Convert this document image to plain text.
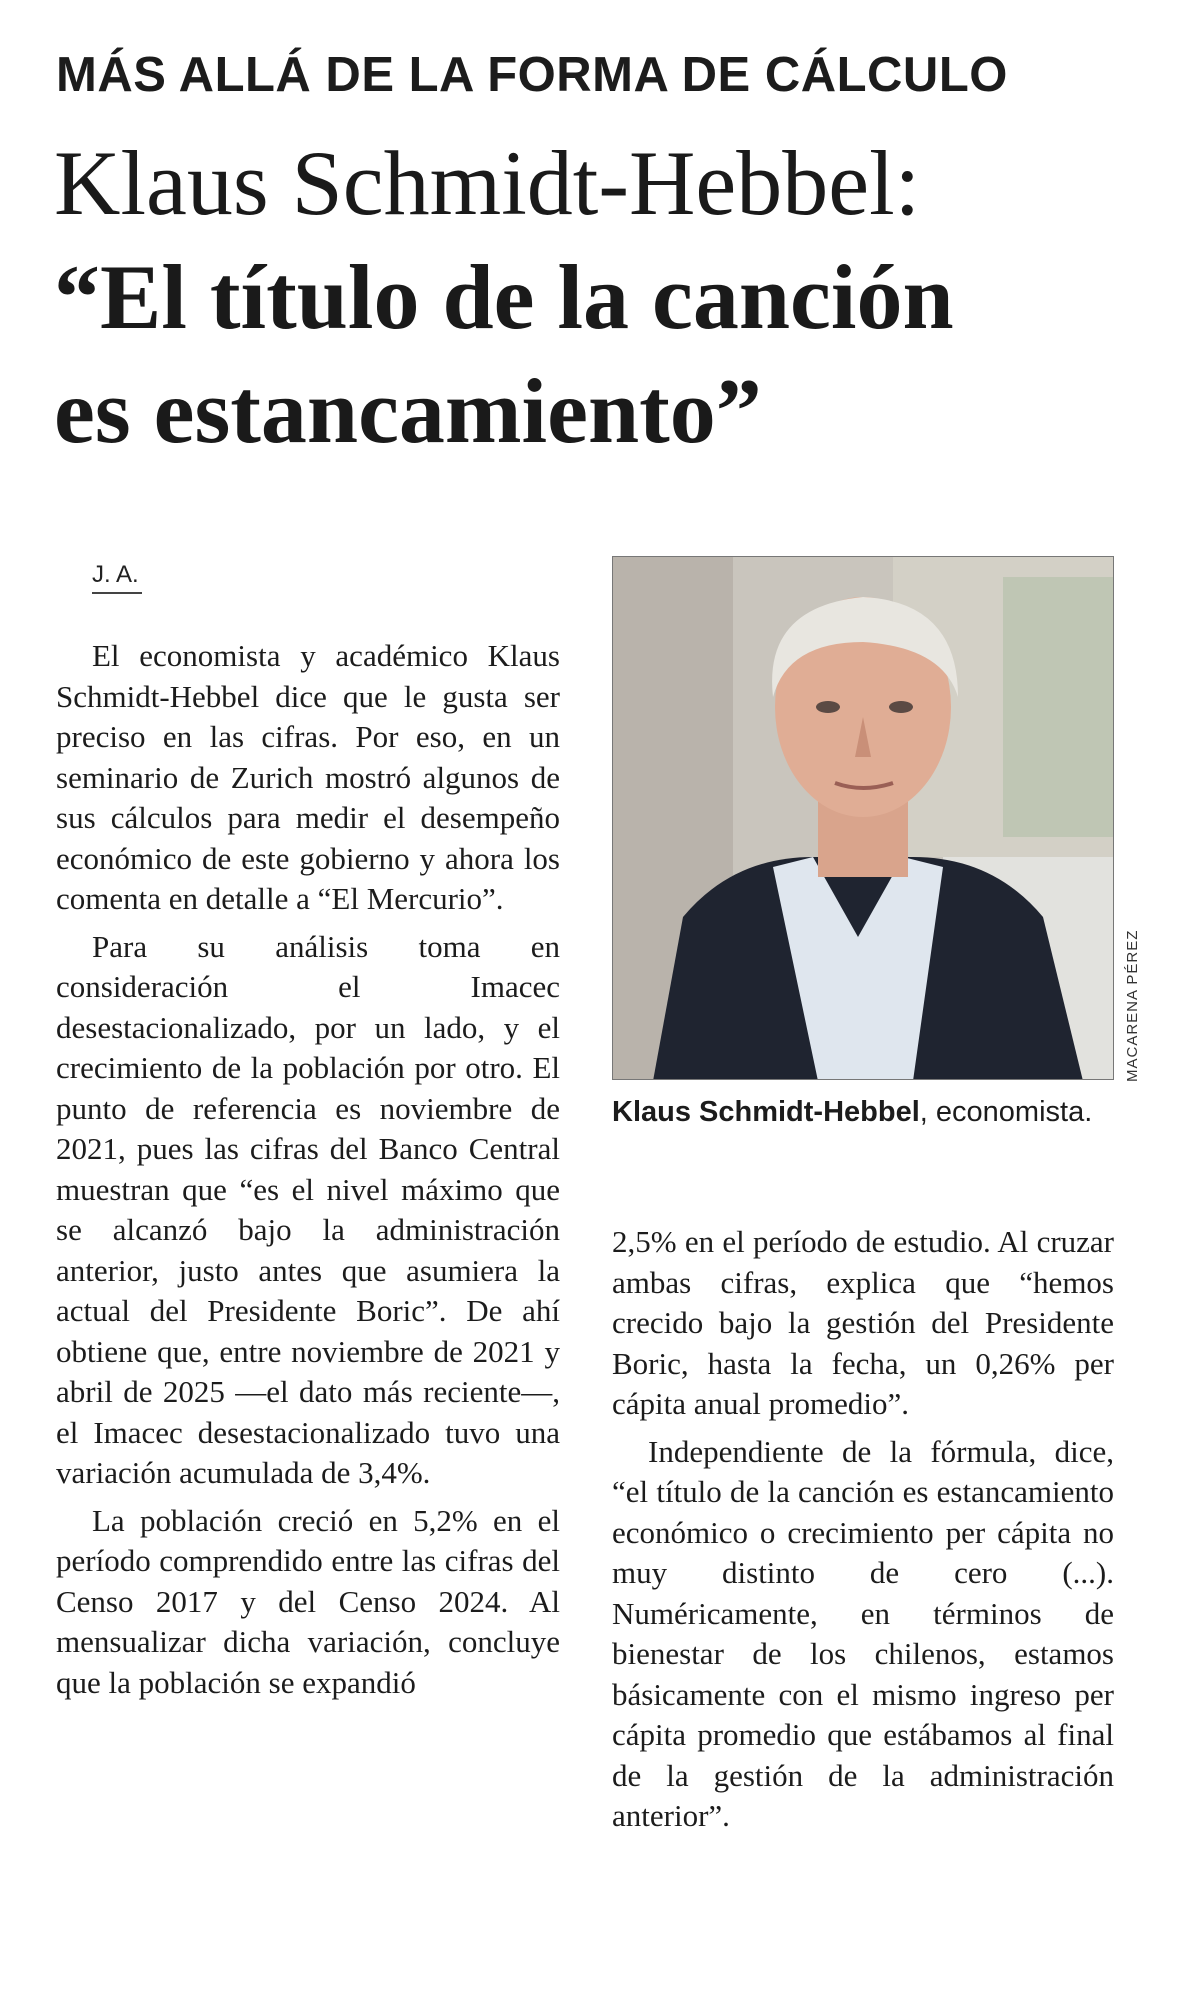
MÁS ALLÁ DE LA FORMA DE CÁLCULO
Klaus Schmidt-Hebbel:
“El título de la canción
es estancamiento”
J. A.

El economista y académico Klaus Schmidt-Hebbel dice que le gusta ser preciso en las cifras. Por eso, en un seminario de Zurich mostró algunos de sus cálculos para medir el desempeño económico de este gobierno y ahora los comenta en detalle a “El Mercurio”.

Para su análisis toma en consideración el Imacec desestacionalizado, por un lado, y el crecimiento de la población por otro. El punto de referencia es noviembre de 2021, pues las cifras del Banco Central muestran que “es el nivel máximo que se alcanzó bajo la administración anterior, justo antes que asumiera la actual del Presidente Boric”. De ahí obtiene que, entre noviembre de 2021 y abril de 2025 —el dato más reciente—, el Imacec desestacionalizado tuvo una variación acumulada de 3,4%.

La población creció en 5,2% en el período comprendido entre las cifras del Censo 2017 y del Censo 2024. Al mensualizar dicha variación, concluye que la población se expandió

MACARENA PÉREZ
Klaus Schmidt-Hebbel, economista.

2,5% en el período de estudio. Al cruzar ambas cifras, explica que “hemos crecido bajo la gestión del Presidente Boric, hasta la fecha, un 0,26% per cápita anual promedio”.

Independiente de la fórmula, dice, “el título de la canción es estancamiento económico o crecimiento per cápita no muy distinto de cero (...). Numéricamente, en términos de bienestar de los chilenos, estamos básicamente con el mismo ingreso per cápita promedio que estábamos al final de la gestión de la administración anterior”.
